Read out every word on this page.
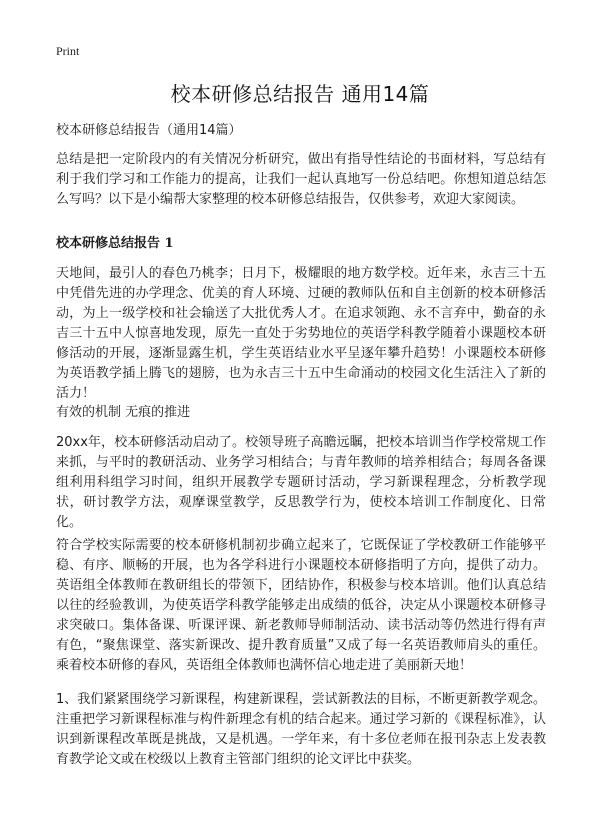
Print
校本研修总结报告 通用14篇
校本研修总结报告（通用14篇）
总结是把一定阶段内的有关情况分析研究，做出有指导性结论的书面材料，写总结有利于我们学习和工作能力的提高，让我们一起认真地写一份总结吧。你想知道总结怎么写吗？以下是小编帮大家整理的校本研修总结报告，仅供参考，欢迎大家阅读。
校本研修总结报告 1
天地间，最引人的春色乃桃李；日月下，极耀眼的地方数学校。近年来，永吉三十五中凭借先进的办学理念、优美的育人环境、过硬的教师队伍和自主创新的校本研修活动，为上一级学校和社会输送了大批优秀人才。在追求领跑、永不言弃中，勤奋的永吉三十五中人惊喜地发现，原先一直处于劣势地位的英语学科教学随着小课题校本研修活动的开展，逐渐显露生机，学生英语结业水平呈逐年攀升趋势！小课题校本研修为英语教学插上腾飞的翅膀，也为永吉三十五中生命涌动的校园文化生活注入了新的活力！
有效的机制 无痕的推进
20xx年，校本研修活动启动了。校领导班子高瞻远瞩，把校本培训当作学校常规工作来抓，与平时的教研活动、业务学习相结合；与青年教师的培养相结合；每周各备课组利用科组学习时间，组织开展教学专题研讨活动，学习新课程理念，分析教学现状，研讨教学方法，观摩课堂教学，反思教学行为，使校本培训工作制度化、日常化。
符合学校实际需要的校本研修机制初步确立起来了，它既保证了学校教研工作能够平稳、有序、顺畅的开展，也为各学科进行小课题校本研修指明了方向，提供了动力。英语组全体教师在教研组长的带领下，团结协作，积极参与校本培训。他们认真总结以往的经验教训，为使英语学科教学能够走出成绩的低谷，决定从小课题校本研修寻求突破口。集体备课、听课评课、新老教师导师制活动、读书活动等仍然进行得有声有色，“聚焦课堂、落实新课改、提升教育质量”又成了每一名英语教师肩头的重任。乘着校本研修的春风，英语组全体教师也满怀信心地走进了美丽新天地！
1、我们紧紧围绕学习新课程，构建新课程，尝试新教法的目标，不断更新教学观念。注重把学习新课程标准与构件新理念有机的结合起来。通过学习新的《课程标准》，认识到新课程改革既是挑战，又是机遇。一学年来，有十多位老师在报刊杂志上发表教育教学论文或在校级以上教育主管部门组织的论文评比中获奖。
